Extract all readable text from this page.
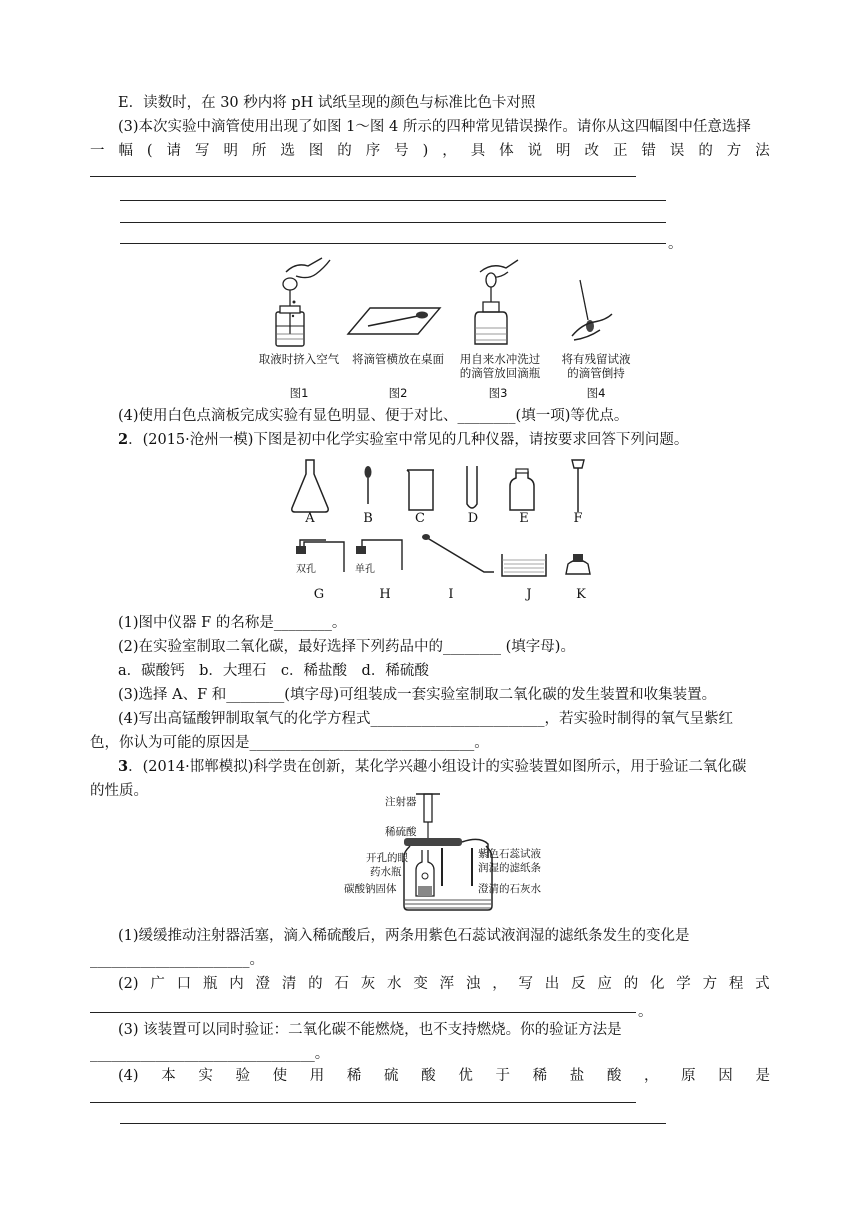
E．读数时，在 30 秒内将 pH 试纸呈现的颜色与标准比色卡对照
(3)本次实验中滴管使用出现了如图 1～图 4 所示的四种常见错误操作。请你从这四幅图中任意选择
一 幅 ( 请 写 明 所 选 图 的 序 号 ) ， 具 体 说 明 改 正 错 误 的 方 法
。
取液时挤入空气	将滴管横放在桌面	用自来水冲洗过
的滴管放回滴瓶
将有残留试液
的滴管倒持
图1	图2	图3	图4
(4)使用白色点滴板完成实验有显色明显、便于对比、________(填一项)等优点。
2．(2015·沧州一模)下图是初中化学实验室中常见的几种仪器，请按要求回答下列问题。
A	B	C	D	E	F
双孔	单孔
G	H	I	J	K
(1)图中仪器 F 的名称是________。
(2)在实验室制取二氧化碳，最好选择下列药品中的________ (填字母)。
a．碳酸钙　b．大理石　c．稀盐酸　d．稀硫酸
(3)选择 A、F 和________(填字母)可组装成一套实验室制取二氧化碳的发生装置和收集装置。
(4)写出高锰酸钾制取氧气的化学方程式________________________，若实验时制得的氧气呈紫红
色，你认为可能的原因是_______________________________。
3．(2014·邯郸模拟)科学贵在创新，某化学兴趣小组设计的实验装置如图所示，用于验证二氧化碳
的性质。
注射器
稀硫酸
开孔的眼
药水瓶
碳酸钠固体
紫色石蕊试液
润湿的滤纸条
澄清的石灰水
(1)缓缓推动注射器活塞，滴入稀硫酸后，两条用紫色石蕊试液润湿的滤纸条发生的变化是
______________________。
(2) 广 口 瓶 内 澄 清 的 石 灰 水 变 浑 浊 ， 写 出 反 应 的 化 学 方 程 式
。
(3) 该装置可以同时验证：二氧化碳不能燃烧，也不支持燃烧。你的验证方法是
_______________________________。
(4) 本 实 验 使 用 稀 硫 酸 优 于 稀 盐 酸 ， 原 因 是
